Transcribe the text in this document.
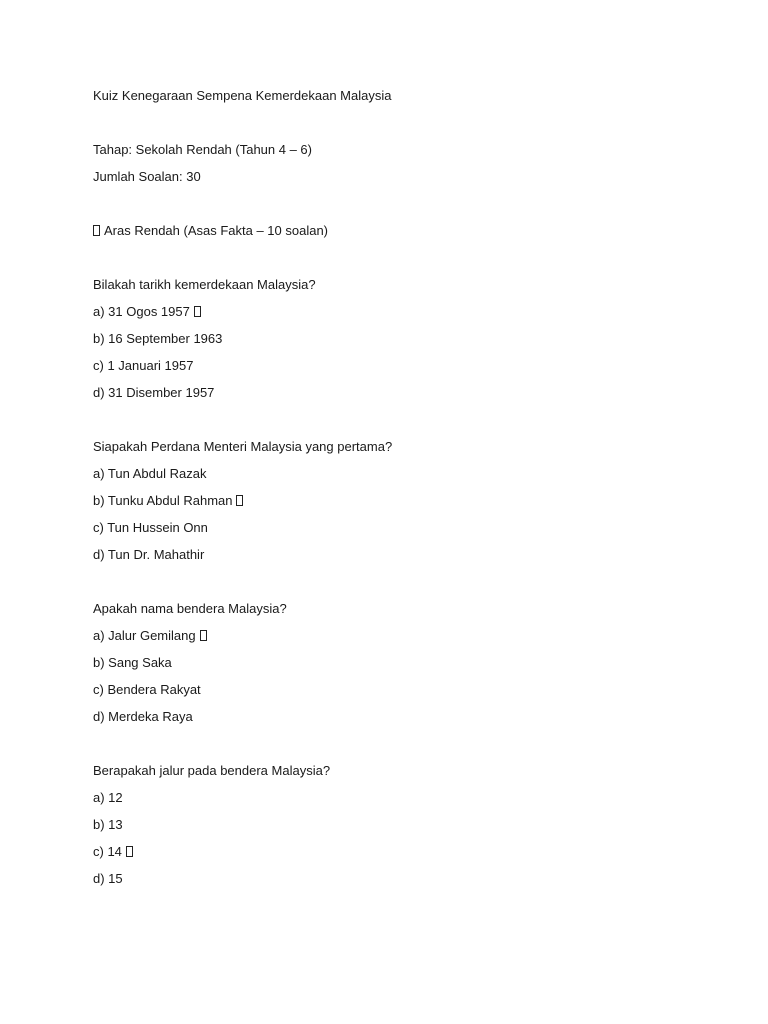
Kuiz Kenegaraan Sempena Kemerdekaan Malaysia
Tahap: Sekolah Rendah (Tahun 4 – 6)
Jumlah Soalan: 30
Aras Rendah (Asas Fakta – 10 soalan)
Bilakah tarikh kemerdekaan Malaysia?
a) 31 Ogos 1957
b) 16 September 1963
c) 1 Januari 1957
d) 31 Disember 1957
Siapakah Perdana Menteri Malaysia yang pertama?
a) Tun Abdul Razak
b) Tunku Abdul Rahman
c) Tun Hussein Onn
d) Tun Dr. Mahathir
Apakah nama bendera Malaysia?
a) Jalur Gemilang
b) Sang Saka
c) Bendera Rakyat
d) Merdeka Raya
Berapakah jalur pada bendera Malaysia?
a) 12
b) 13
c) 14
d) 15
